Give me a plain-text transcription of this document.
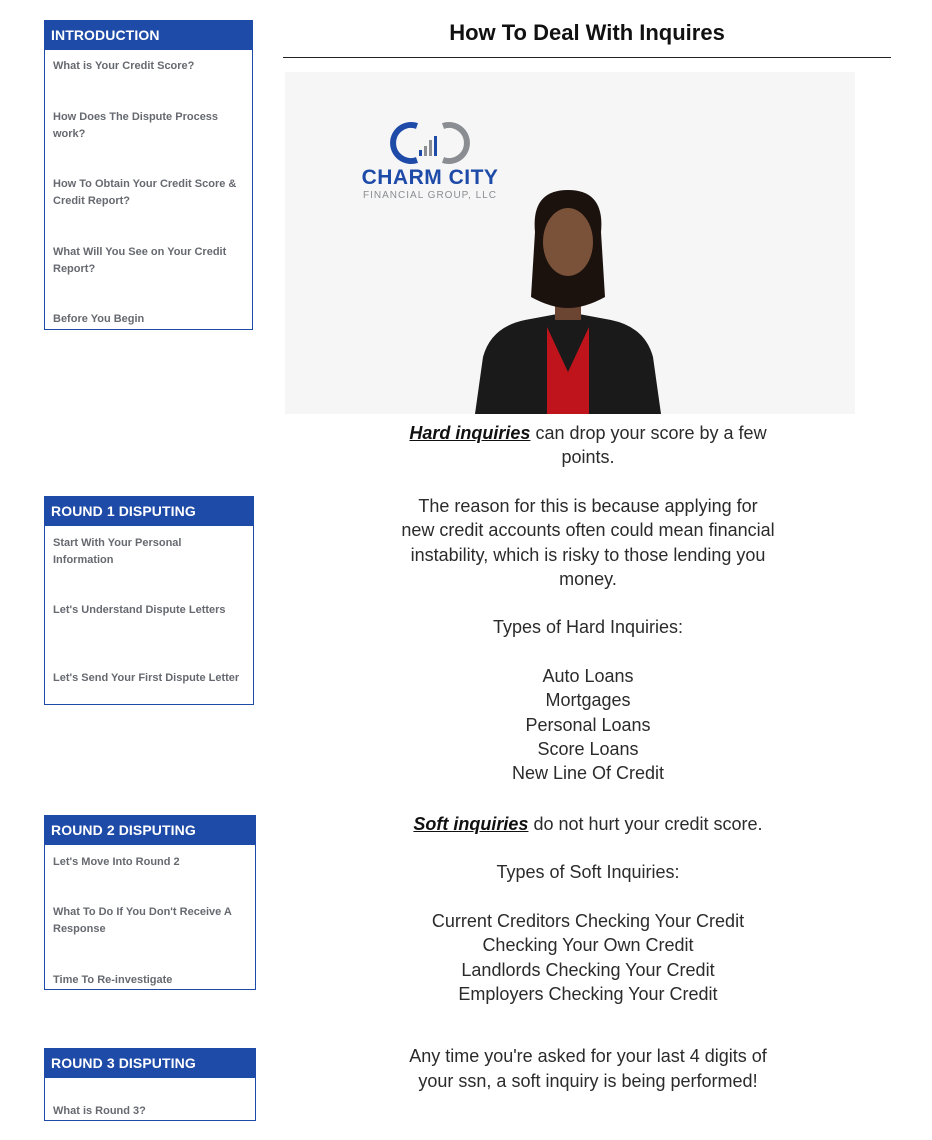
INTRODUCTION
What is Your Credit Score?
How Does The Dispute Process work?
How To Obtain Your Credit Score & Credit Report?
What Will You See on Your Credit Report?
Before You Begin
ROUND 1 DISPUTING
Start With Your Personal Information
Let's Understand Dispute Letters
Let's Send Your First Dispute Letter
ROUND 2 DISPUTING
Let's Move Into Round 2
What To Do If You Don't Receive A Response
Time To Re-investigate
ROUND 3 DISPUTING
What is Round 3?
How To Deal With Inquires
CHARM CITY
FINANCIAL GROUP, LLC

Hard inquiries can drop your score by a few points.

The reason for this is because applying for new credit accounts often could mean financial instability, which is risky to those lending you money.

Types of Hard Inquiries:

Auto Loans
Mortgages
Personal Loans
Score Loans
New Line Of Credit

Soft inquiries do not hurt your credit score.

Types of Soft Inquiries:

Current Creditors Checking Your Credit
Checking Your Own Credit
Landlords Checking Your Credit
Employers Checking Your Credit

Any time you're asked for your last 4 digits of your ssn, a soft inquiry is being performed!
